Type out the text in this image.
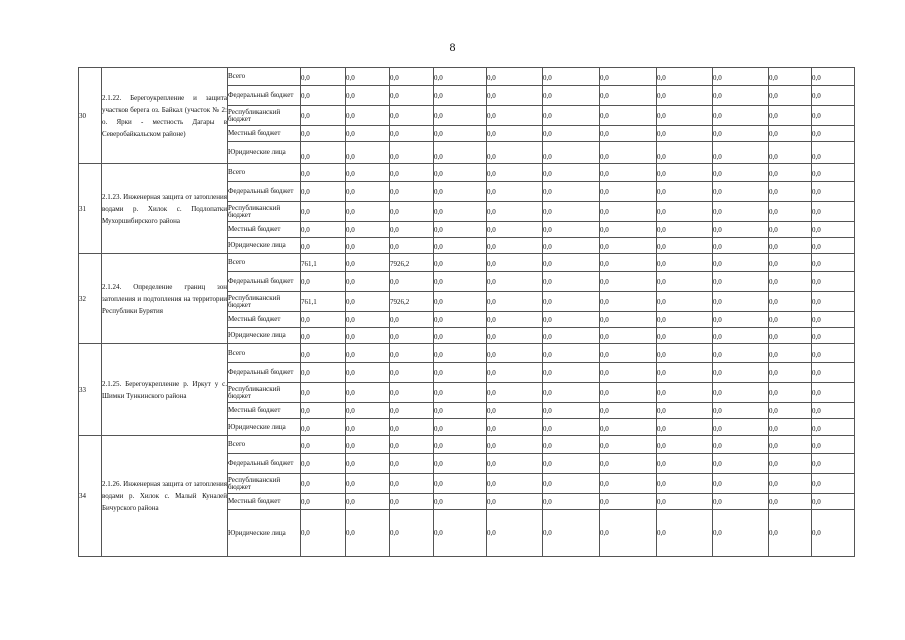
8
30	2.1.22. Берегоукрепление и защита участков берега оз. Байкал (участок № 2: о. Ярки - местность Дагары в Северобайкальском районе)	Всего	0,0	0,0	0,0	0,0	0,0	0,0	0,0	0,0	0,0	0,0	0,0
		Федеральный бюджет	0,0	0,0	0,0	0,0	0,0	0,0	0,0	0,0	0,0	0,0	0,0
		Республиканский бюджет	0,0	0,0	0,0	0,0	0,0	0,0	0,0	0,0	0,0	0,0	0,0
		Местный бюджет	0,0	0,0	0,0	0,0	0,0	0,0	0,0	0,0	0,0	0,0	0,0
		Юридические лица	0,0	0,0	0,0	0,0	0,0	0,0	0,0	0,0	0,0	0,0	0,0
31	2.1.23. Инженерная защита от затопления водами р. Хилок с. Подлопатки Мухоршибирского района	Всего	0,0	0,0	0,0	0,0	0,0	0,0	0,0	0,0	0,0	0,0	0,0
		Федеральный бюджет	0,0	0,0	0,0	0,0	0,0	0,0	0,0	0,0	0,0	0,0	0,0
		Республиканский бюджет	0,0	0,0	0,0	0,0	0,0	0,0	0,0	0,0	0,0	0,0	0,0
		Местный бюджет	0,0	0,0	0,0	0,0	0,0	0,0	0,0	0,0	0,0	0,0	0,0
		Юридические лица	0,0	0,0	0,0	0,0	0,0	0,0	0,0	0,0	0,0	0,0	0,0
32	2.1.24. Определение границ зон затопления и подтопления на территории Республики Бурятия	Всего	761,1	0,0	7926,2	0,0	0,0	0,0	0,0	0,0	0,0	0,0	0,0
		Федеральный бюджет	0,0	0,0	0,0	0,0	0,0	0,0	0,0	0,0	0,0	0,0	0,0
		Республиканский бюджет	761,1	0,0	7926,2	0,0	0,0	0,0	0,0	0,0	0,0	0,0	0,0
		Местный бюджет	0,0	0,0	0,0	0,0	0,0	0,0	0,0	0,0	0,0	0,0	0,0
		Юридические лица	0,0	0,0	0,0	0,0	0,0	0,0	0,0	0,0	0,0	0,0	0,0
33	2.1.25. Берегоукрепление р. Иркут у с. Шимки Тункинского района	Всего	0,0	0,0	0,0	0,0	0,0	0,0	0,0	0,0	0,0	0,0	0,0
		Федеральный бюджет	0,0	0,0	0,0	0,0	0,0	0,0	0,0	0,0	0,0	0,0	0,0
		Республиканский бюджет	0,0	0,0	0,0	0,0	0,0	0,0	0,0	0,0	0,0	0,0	0,0
		Местный бюджет	0,0	0,0	0,0	0,0	0,0	0,0	0,0	0,0	0,0	0,0	0,0
		Юридические лица	0,0	0,0	0,0	0,0	0,0	0,0	0,0	0,0	0,0	0,0	0,0
34	2.1.26. Инженерная защита от затопления водами р. Хилок с. Малый Куналей Бичурского района	Всего	0,0	0,0	0,0	0,0	0,0	0,0	0,0	0,0	0,0	0,0	0,0
		Федеральный бюджет	0,0	0,0	0,0	0,0	0,0	0,0	0,0	0,0	0,0	0,0	0,0
		Республиканский бюджет	0,0	0,0	0,0	0,0	0,0	0,0	0,0	0,0	0,0	0,0	0,0
		Местный бюджет	0,0	0,0	0,0	0,0	0,0	0,0	0,0	0,0	0,0	0,0	0,0
		Юридические лица	0,0	0,0	0,0	0,0	0,0	0,0	0,0	0,0	0,0	0,0	0,0
